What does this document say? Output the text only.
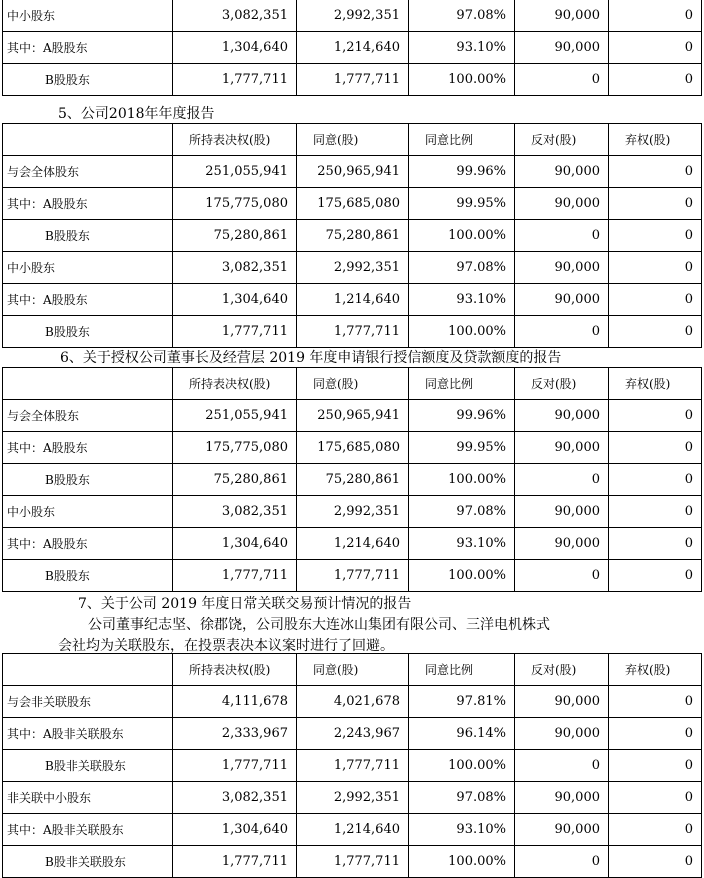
中小股东	3,082,351	2,992,351	97.08%	90,000	0
其中：A股股东	1,304,640	1,214,640	93.10%	90,000	0
B股股东	1,777,711	1,777,711	100.00%	0	0
5、公司2018年年度报告
	所持表决权(股)	同意(股)	同意比例	反对(股)	弃权(股)
与会全体股东	251,055,941	250,965,941	99.96%	90,000	0
其中：A股股东	175,775,080	175,685,080	99.95%	90,000	0
B股股东	75,280,861	75,280,861	100.00%	0	0
中小股东	3,082,351	2,992,351	97.08%	90,000	0
其中：A股股东	1,304,640	1,214,640	93.10%	90,000	0
B股股东	1,777,711	1,777,711	100.00%	0	0
6、关于授权公司董事长及经营层 2019 年度申请银行授信额度及贷款额度的报告
	所持表决权(股)	同意(股)	同意比例	反对(股)	弃权(股)
与会全体股东	251,055,941	250,965,941	99.96%	90,000	0
其中：A股股东	175,775,080	175,685,080	99.95%	90,000	0
B股股东	75,280,861	75,280,861	100.00%	0	0
中小股东	3,082,351	2,992,351	97.08%	90,000	0
其中：A股股东	1,304,640	1,214,640	93.10%	90,000	0
B股股东	1,777,711	1,777,711	100.00%	0	0
7、关于公司 2019 年度日常关联交易预计情况的报告
公司董事纪志坚、徐郡饶，公司股东大连冰山集团有限公司、三洋电机株式
会社均为关联股东，在投票表决本议案时进行了回避。
	所持表决权(股)	同意(股)	同意比例	反对(股)	弃权(股)
与会非关联股东	4,111,678	4,021,678	97.81%	90,000	0
其中：A股非关联股东	2,333,967	2,243,967	96.14%	90,000	0
B股非关联股东	1,777,711	1,777,711	100.00%	0	0
非关联中小股东	3,082,351	2,992,351	97.08%	90,000	0
其中：A股非关联股东	1,304,640	1,214,640	93.10%	90,000	0
B股非关联股东	1,777,711	1,777,711	100.00%	0	0
